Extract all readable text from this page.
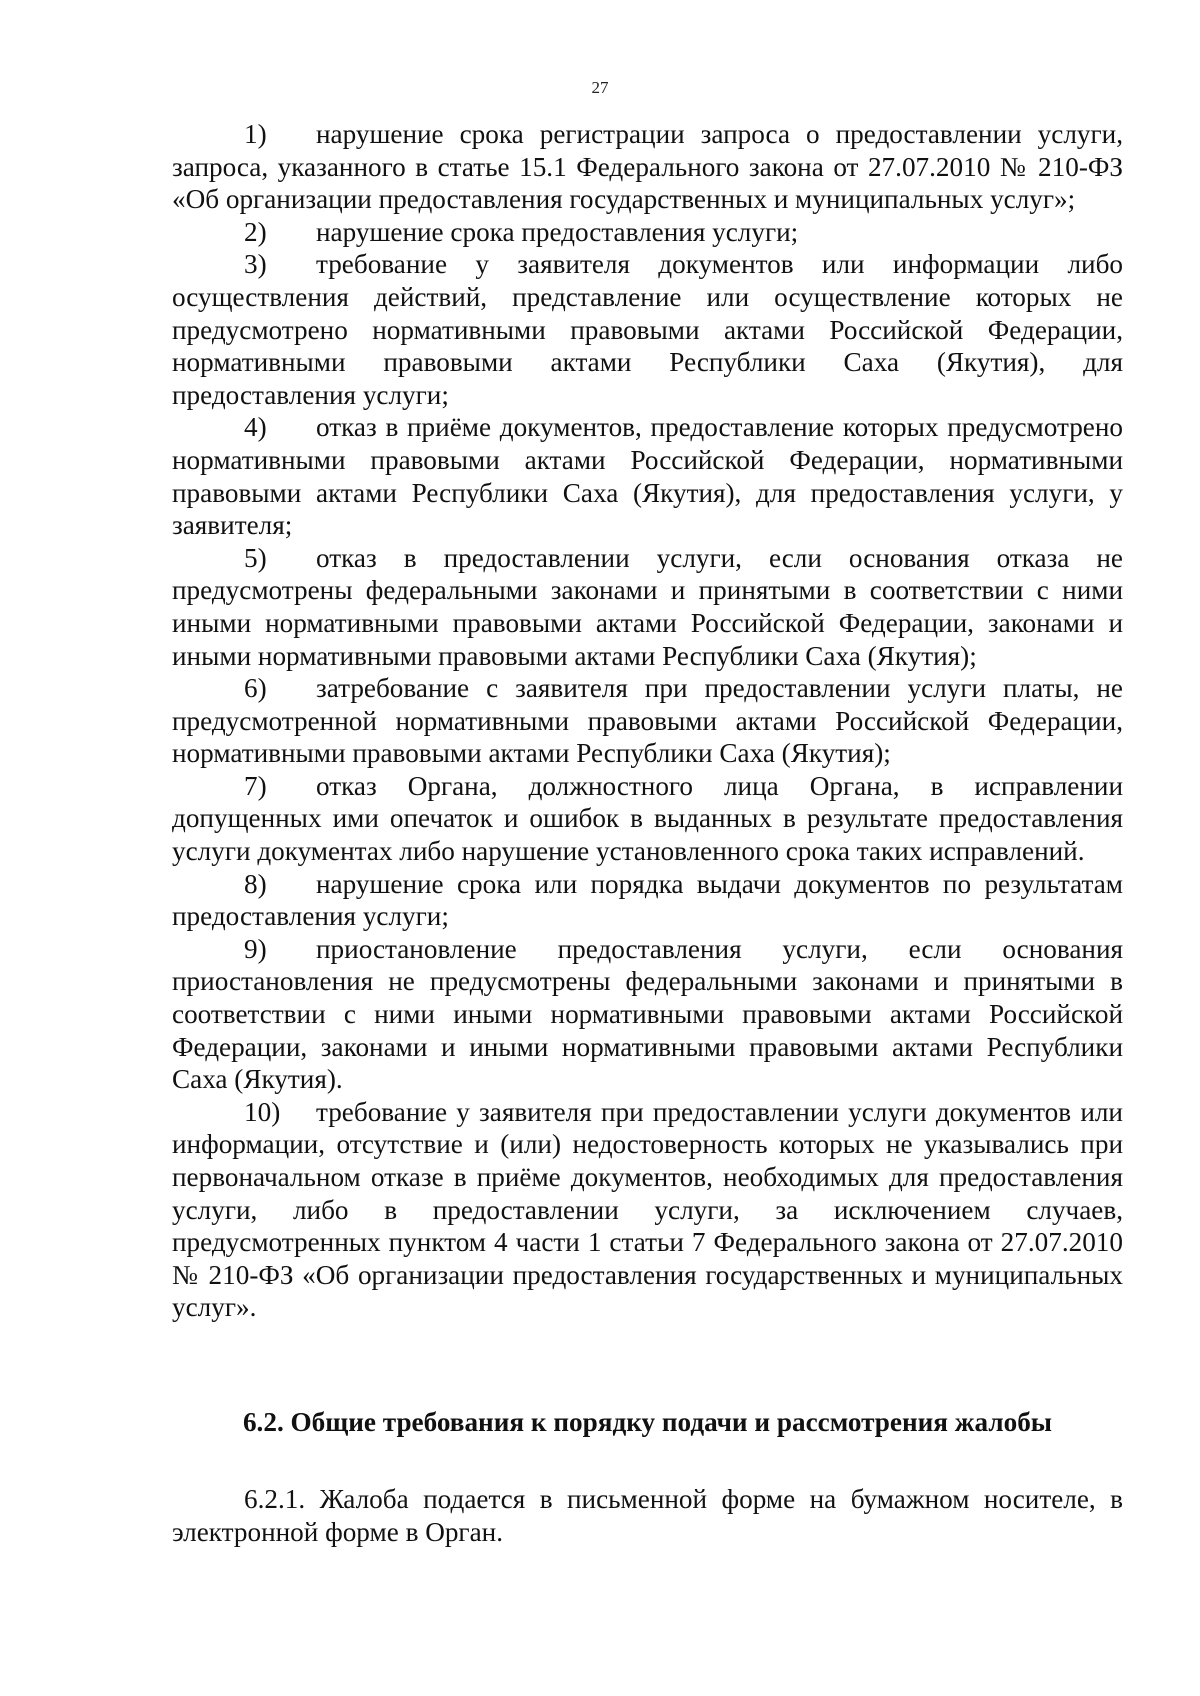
27

1) нарушение срока регистрации запроса о предоставлении услуги, запроса, указанного в статье 15.1 Федерального закона от 27.07.2010 № 210-ФЗ «Об организации предоставления государственных и муниципальных услуг»;

2) нарушение срока предоставления услуги;

3) требование у заявителя документов или информации либо осуществления действий, представление или осуществление которых не предусмотрено нормативными правовыми актами Российской Федерации, нормативными правовыми актами Республики Саха (Якутия), для предоставления услуги;

4) отказ в приёме документов, предоставление которых предусмотрено нормативными правовыми актами Российской Федерации, нормативными правовыми актами Республики Саха (Якутия), для предоставления услуги, у заявителя;

5) отказ в предоставлении услуги, если основания отказа не предусмотрены федеральными законами и принятыми в соответствии с ними иными нормативными правовыми актами Российской Федерации, законами и иными нормативными правовыми актами Республики Саха (Якутия);

6) затребование с заявителя при предоставлении услуги платы, не предусмотренной нормативными правовыми актами Российской Федерации, нормативными правовыми актами Республики Саха (Якутия);

7) отказ Органа, должностного лица Органа, в исправлении допущенных ими опечаток и ошибок в выданных в результате предоставления услуги документах либо нарушение установленного срока таких исправлений.

8) нарушение срока или порядка выдачи документов по результатам предоставления услуги;

9) приостановление предоставления услуги, если основания приостановления не предусмотрены федеральными законами и принятыми в соответствии с ними иными нормативными правовыми актами Российской Федерации, законами и иными нормативными правовыми актами Республики Саха (Якутия).

10) требование у заявителя при предоставлении услуги документов или информации, отсутствие и (или) недостоверность которых не указывались при первоначальном отказе в приёме документов, необходимых для предоставления услуги, либо в предоставлении услуги, за исключением случаев, предусмотренных пунктом 4 части 1 статьи 7 Федерального закона от 27.07.2010 № 210-ФЗ «Об организации предоставления государственных и муниципальных услуг».

6.2. Общие требования к порядку подачи и рассмотрения жалобы

6.2.1. Жалоба подается в письменной форме на бумажном носителе, в электронной форме в Орган.
